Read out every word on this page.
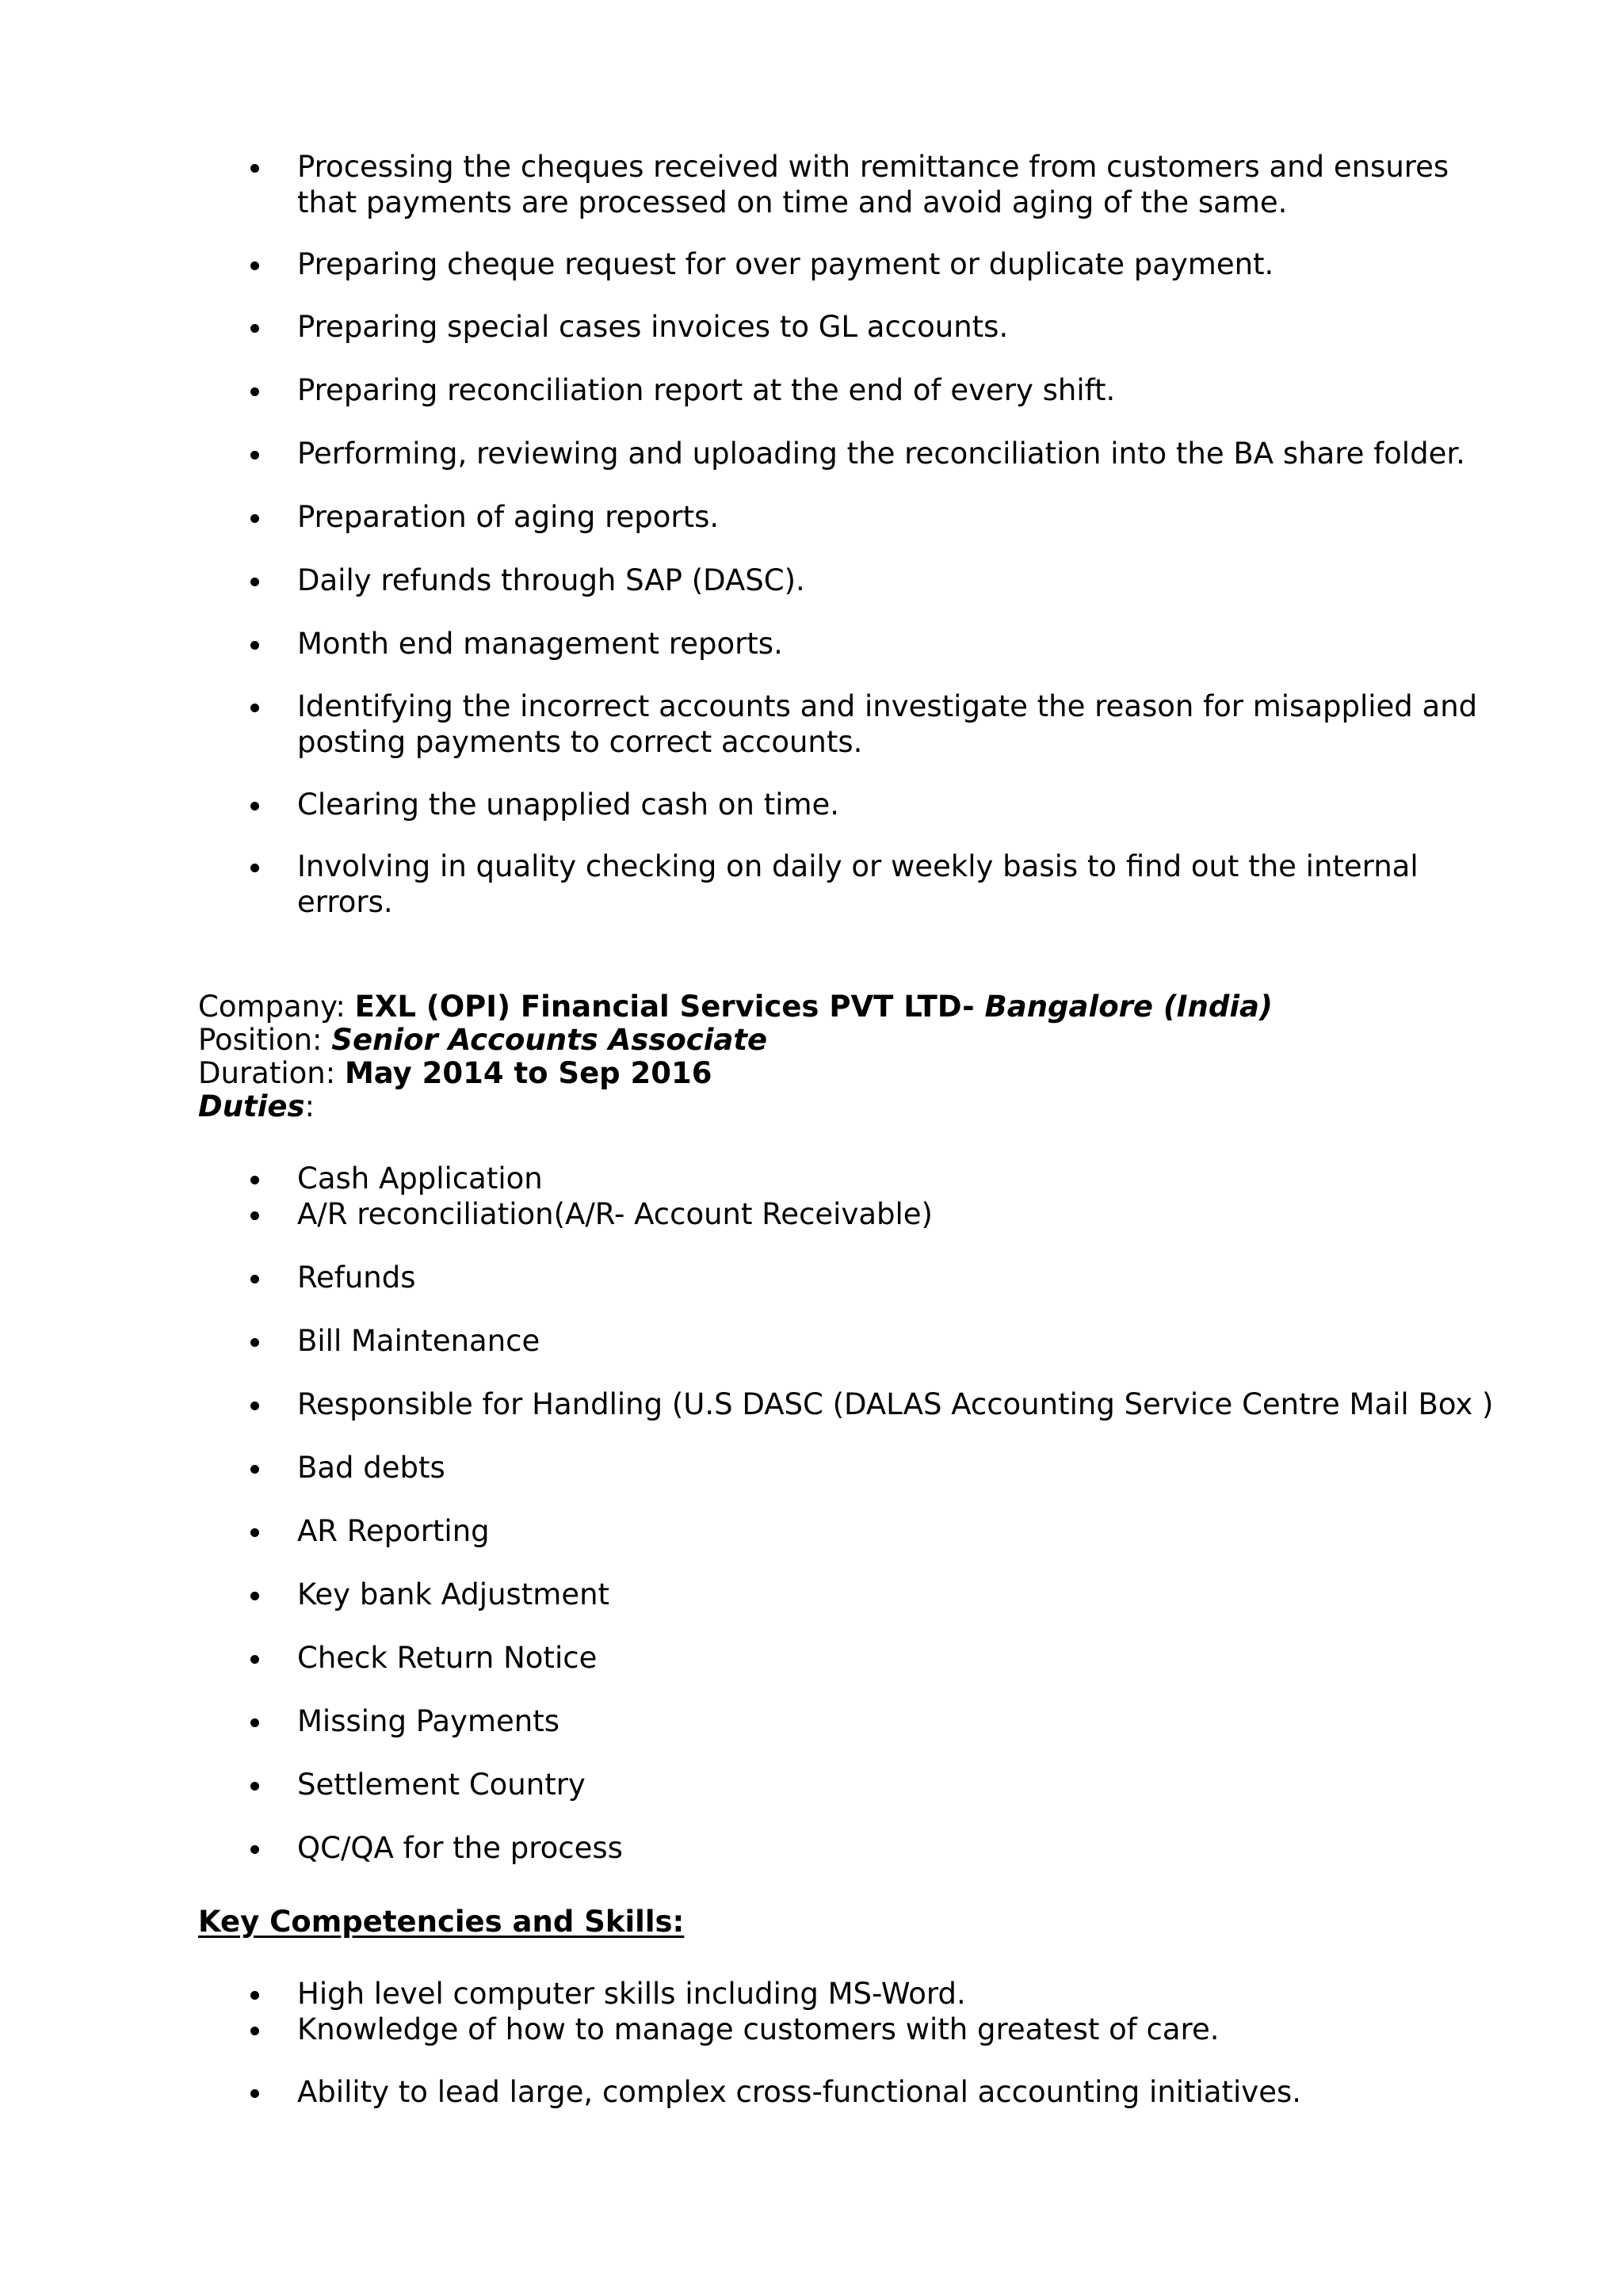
Processing the cheques received with remittance from customers and ensures
that payments are processed on time and avoid aging of the same.
Preparing cheque request for over payment or duplicate payment.
Preparing special cases invoices to GL accounts.
Preparing reconciliation report at the end of every shift.
Performing, reviewing and uploading the reconciliation into the BA share folder.
Preparation of aging reports.
Daily refunds through SAP (DASC).
Month end management reports.
Identifying the incorrect accounts and investigate the reason for misapplied and
posting payments to correct accounts.
Clearing the unapplied cash on time.
Involving in quality checking on daily or weekly basis to find out the internal
errors.
Company: EXL (OPI) Financial Services PVT LTD- Bangalore (India)
Position: Senior Accounts Associate
Duration: May 2014 to Sep 2016
Duties:
Cash Application
A/R reconciliation(A/R- Account Receivable)
Refunds
Bill Maintenance
Responsible for Handling (U.S DASC (DALAS Accounting Service Centre Mail Box )
Bad debts
AR Reporting
Key bank Adjustment
Check Return Notice
Missing Payments
Settlement Country
QC/QA for the process
Key Competencies and Skills:
High level computer skills including MS-Word.
Knowledge of how to manage customers with greatest of care.
Ability to lead large, complex cross-functional accounting initiatives.
